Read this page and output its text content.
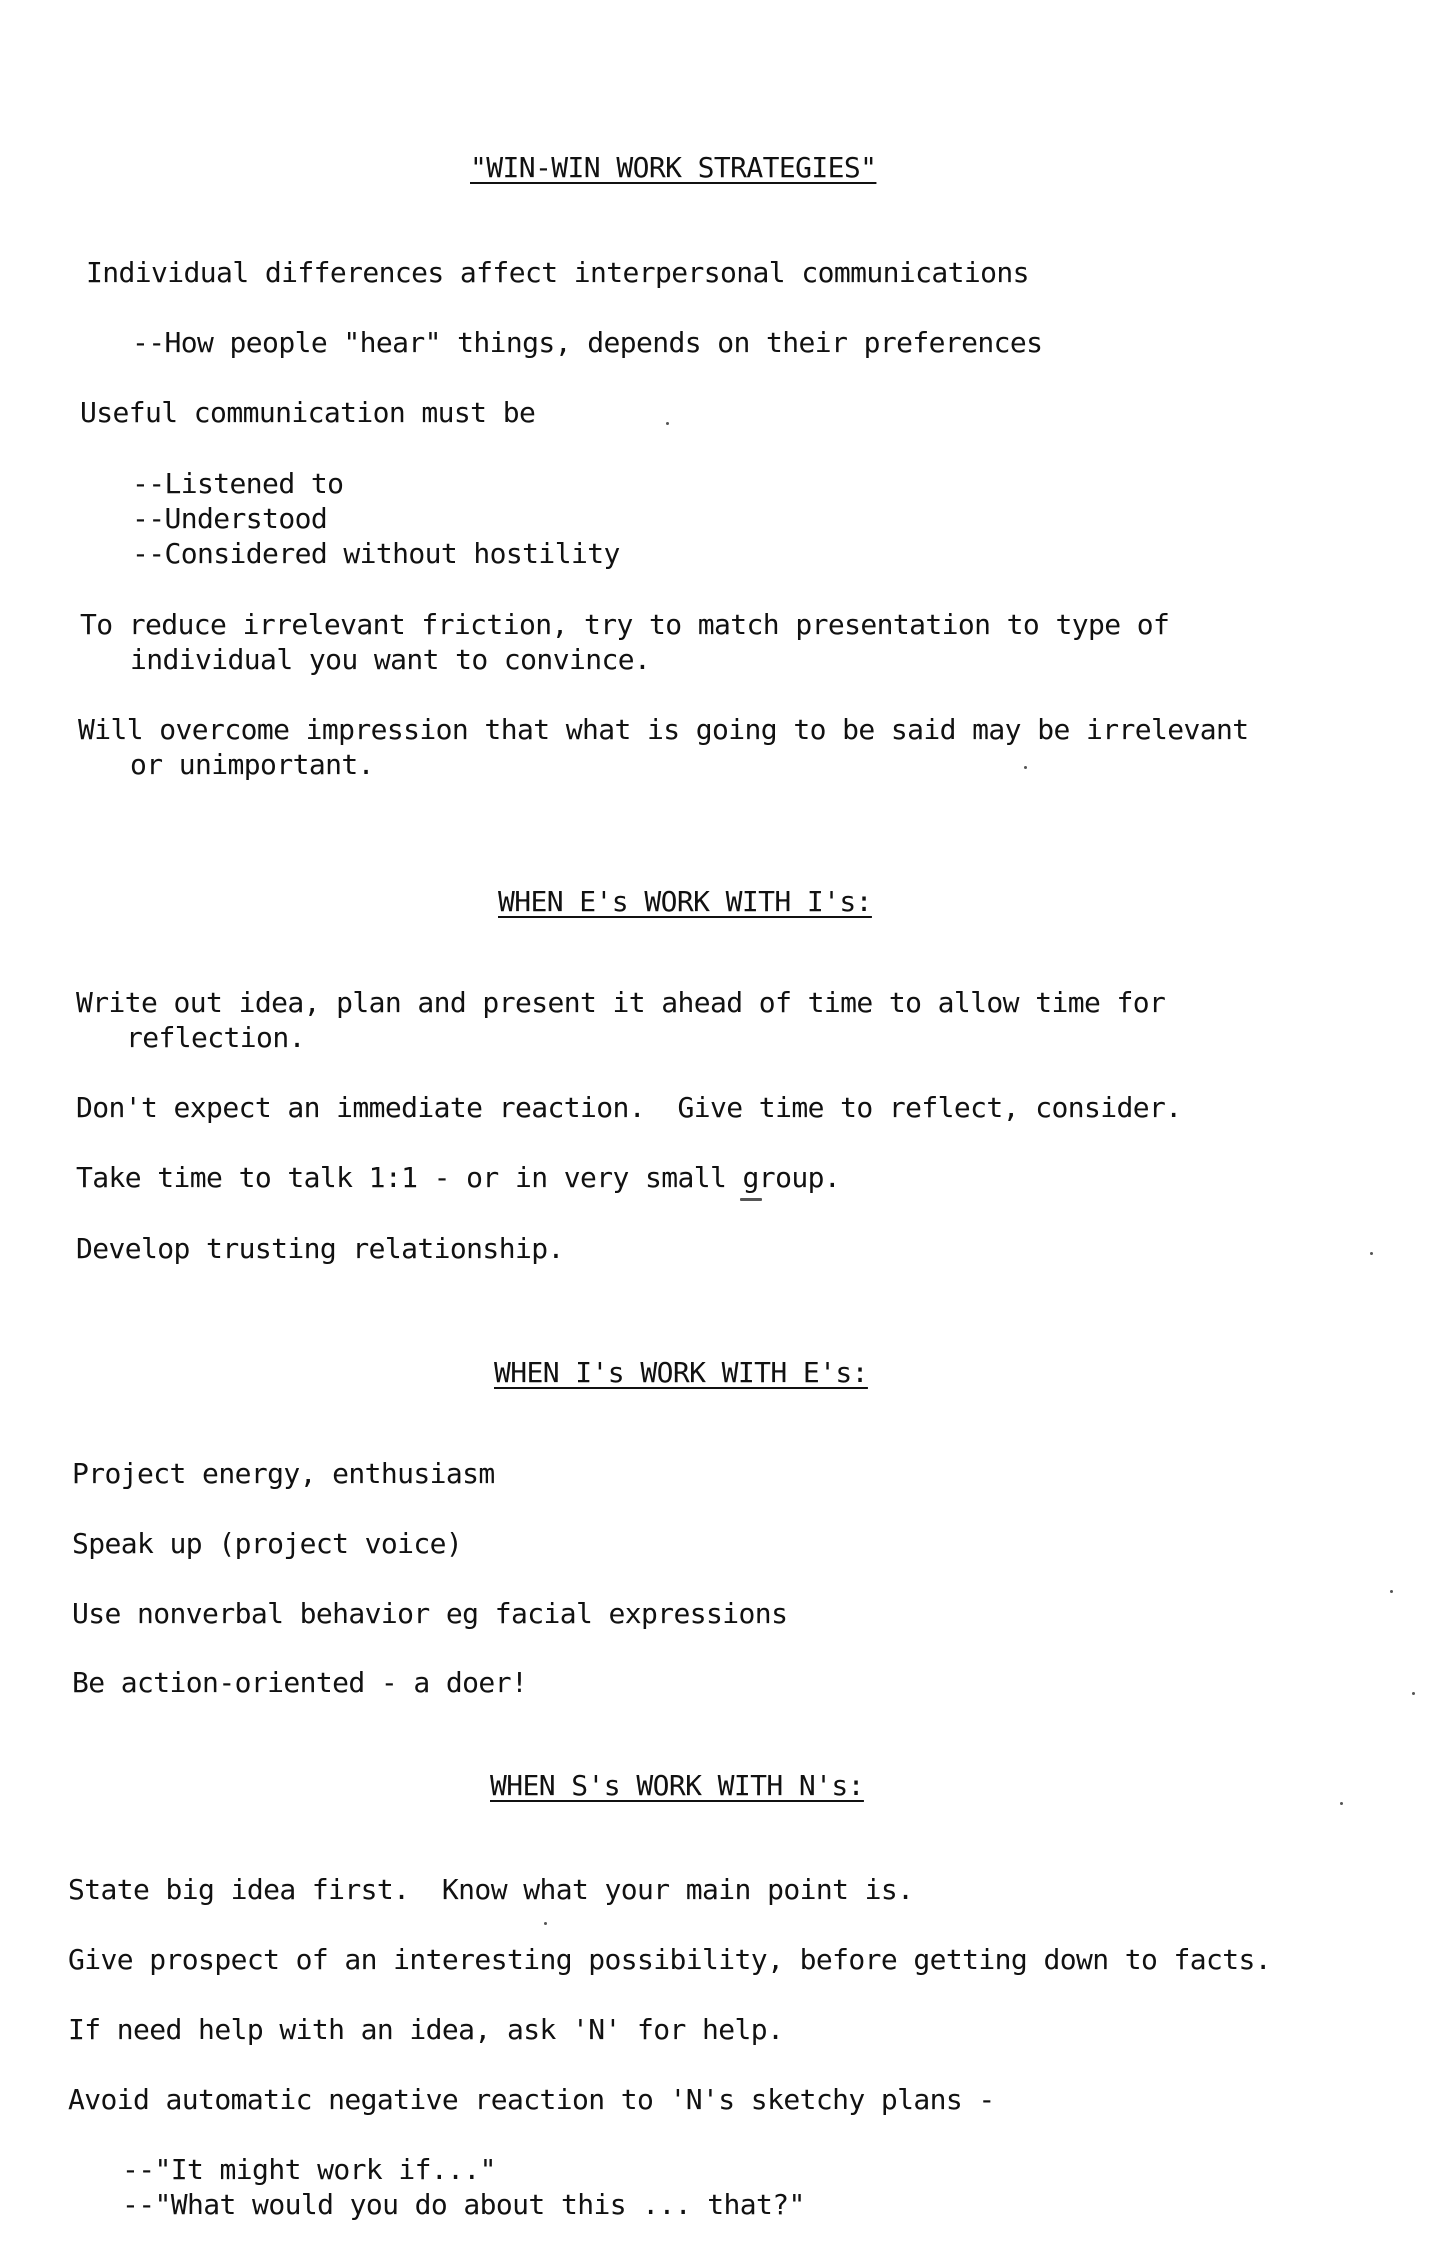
"WIN-WIN WORK STRATEGIES"
Individual differences affect interpersonal communications
--How people "hear" things, depends on their preferences
Useful communication must be
--Listened to
--Understood
--Considered without hostility
To reduce irrelevant friction, try to match presentation to type of
individual you want to convince.
Will overcome impression that what is going to be said may be irrelevant
or unimportant.
WHEN E's WORK WITH I's:
Write out idea, plan and present it ahead of time to allow time for
reflection.
Don't expect an immediate reaction.  Give time to reflect, consider.
Take time to talk 1:1 - or in very small group.
Develop trusting relationship.
WHEN I's WORK WITH E's:
Project energy, enthusiasm
Speak up (project voice)
Use nonverbal behavior eg facial expressions
Be action-oriented - a doer!
WHEN S's WORK WITH N's:
State big idea first.  Know what your main point is.
Give prospect of an interesting possibility, before getting down to facts.
If need help with an idea, ask 'N' for help.
Avoid automatic negative reaction to 'N's sketchy plans -
--"It might work if..."
--"What would you do about this ... that?"
